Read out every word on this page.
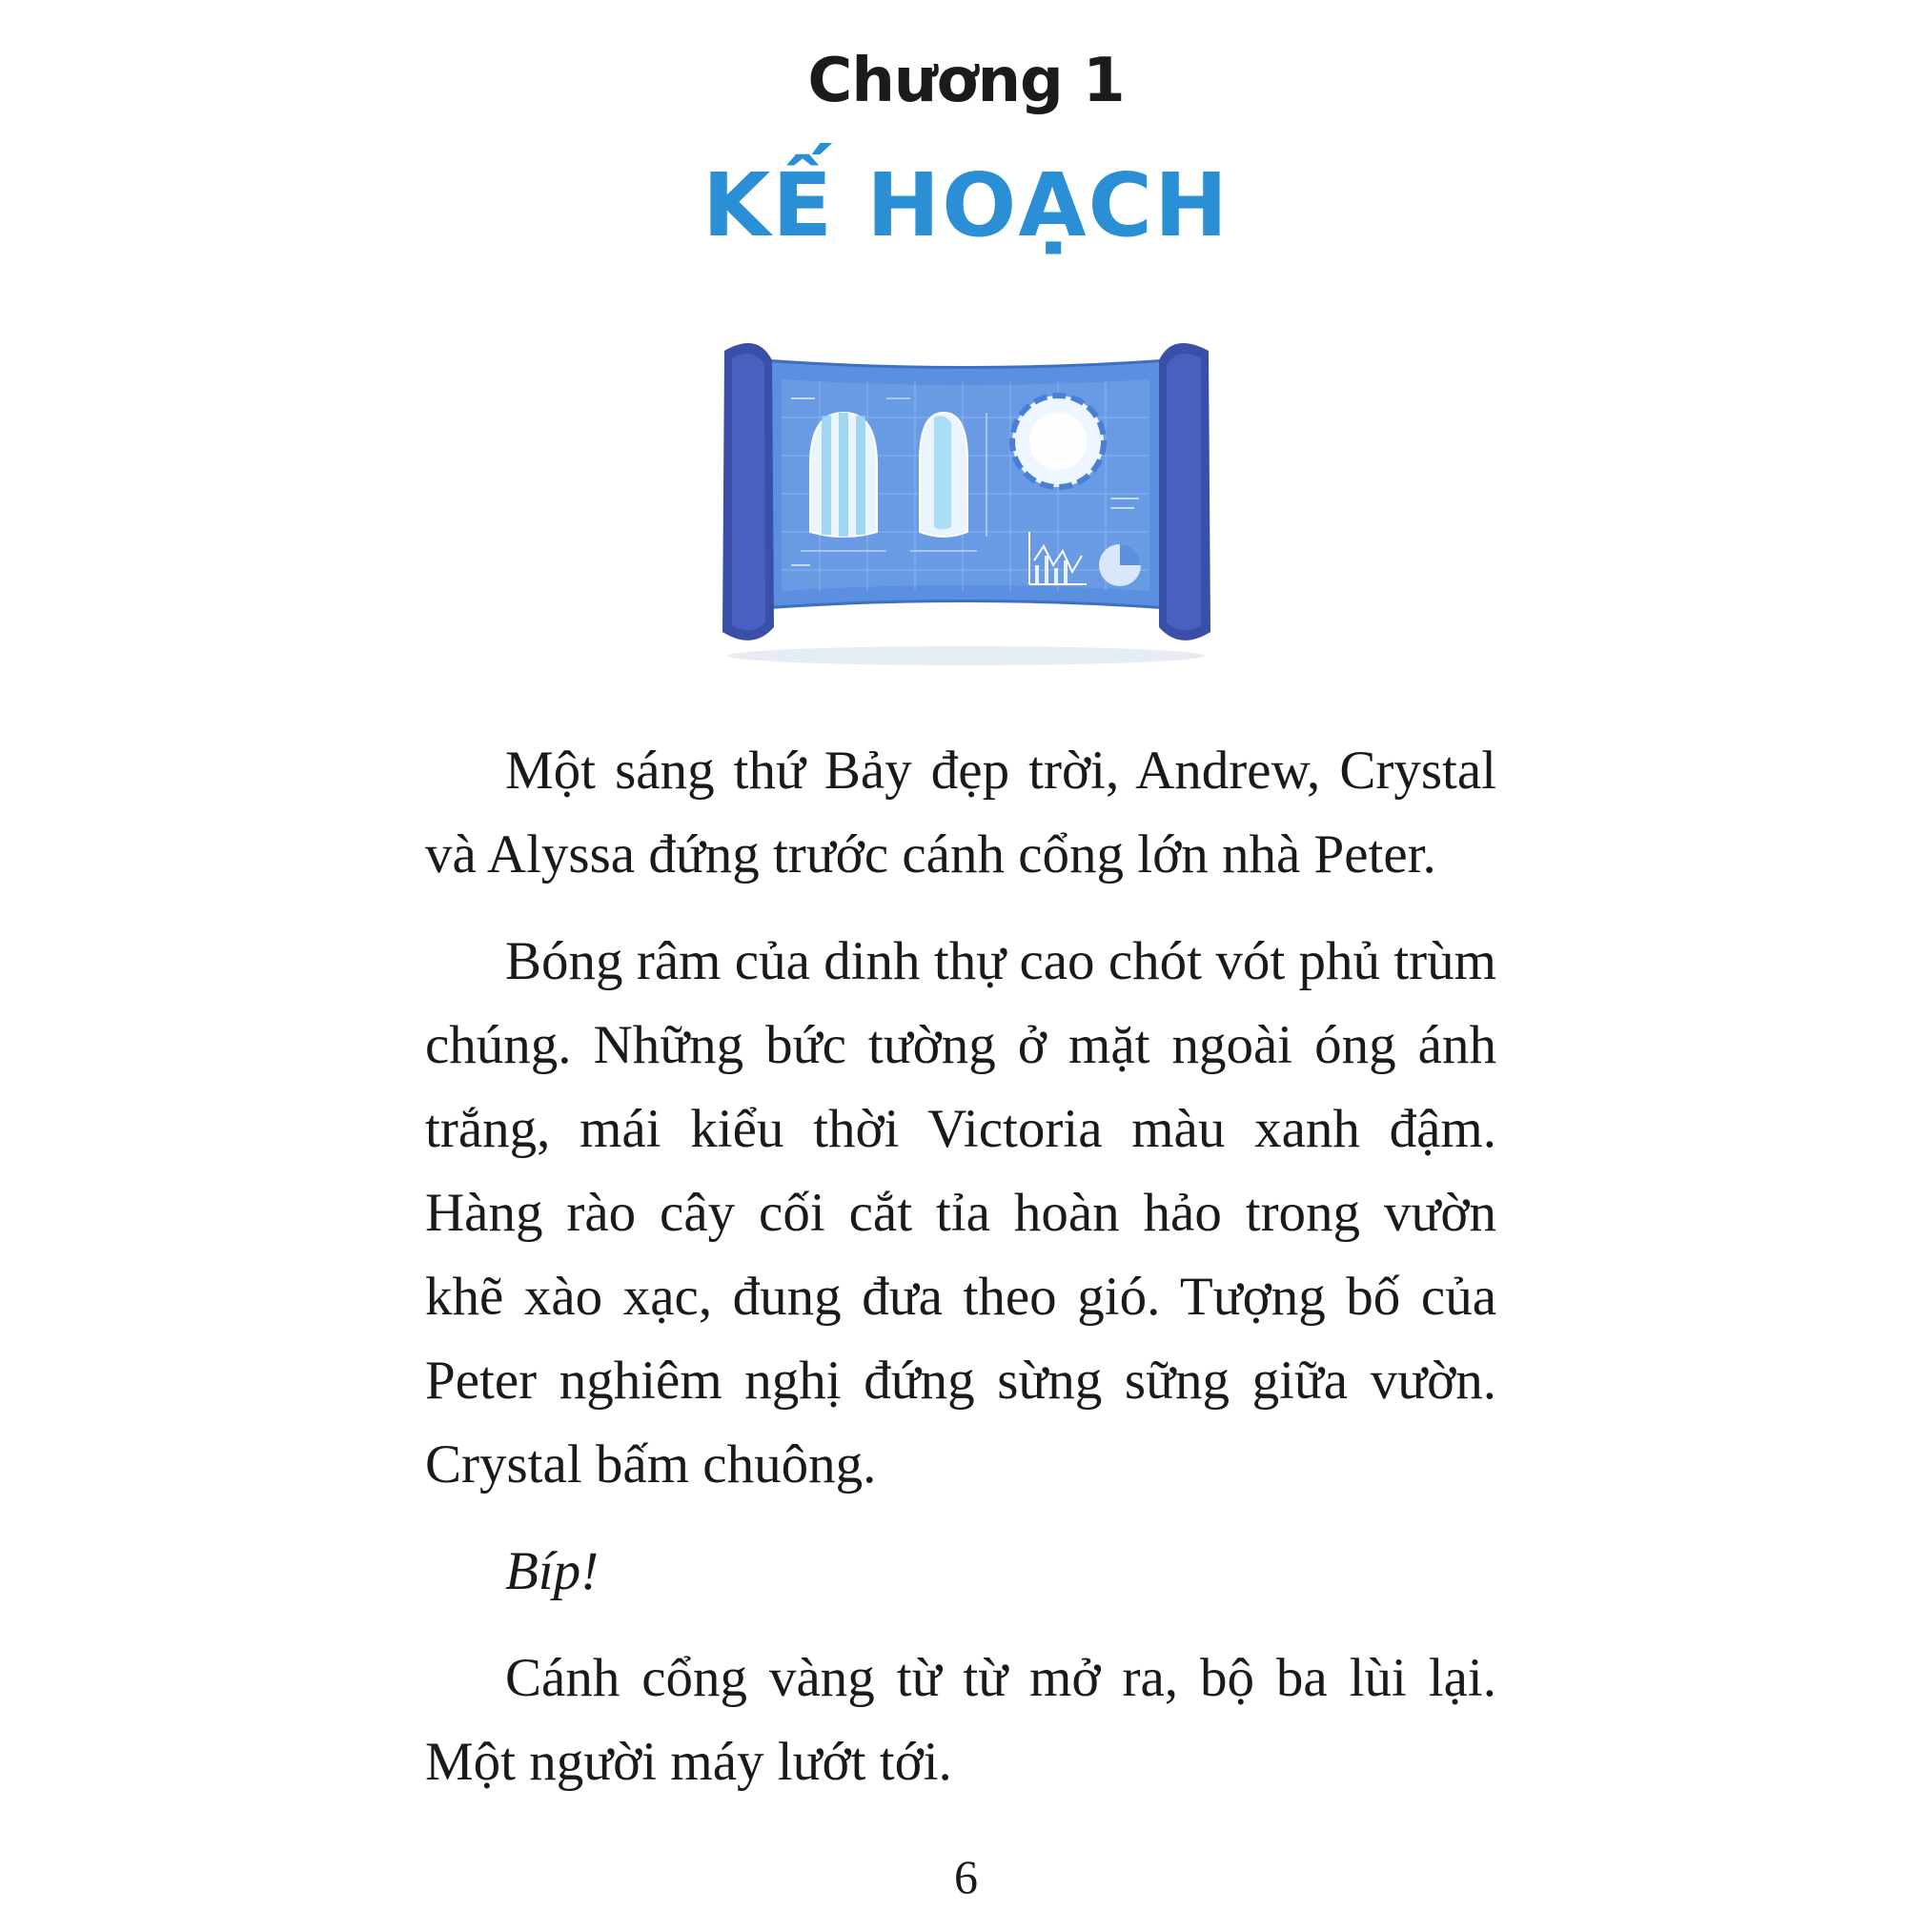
Chương 1
KẾ HOẠCH

Một sáng thứ Bảy đẹp trời, Andrew, Crystal và Alyssa đứng trước cánh cổng lớn nhà Peter.

Bóng râm của dinh thự cao chót vót phủ trùm chúng. Những bức tường ở mặt ngoài óng ánh trắng, mái kiểu thời Victoria màu xanh đậm. Hàng rào cây cối cắt tỉa hoàn hảo trong vườn khẽ xào xạc, đung đưa theo gió. Tượng bố của Peter nghiêm nghị đứng sừng sững giữa vườn. Crystal bấm chuông.

Bíp!

Cánh cổng vàng từ từ mở ra, bộ ba lùi lại. Một người máy lướt tới.

6
